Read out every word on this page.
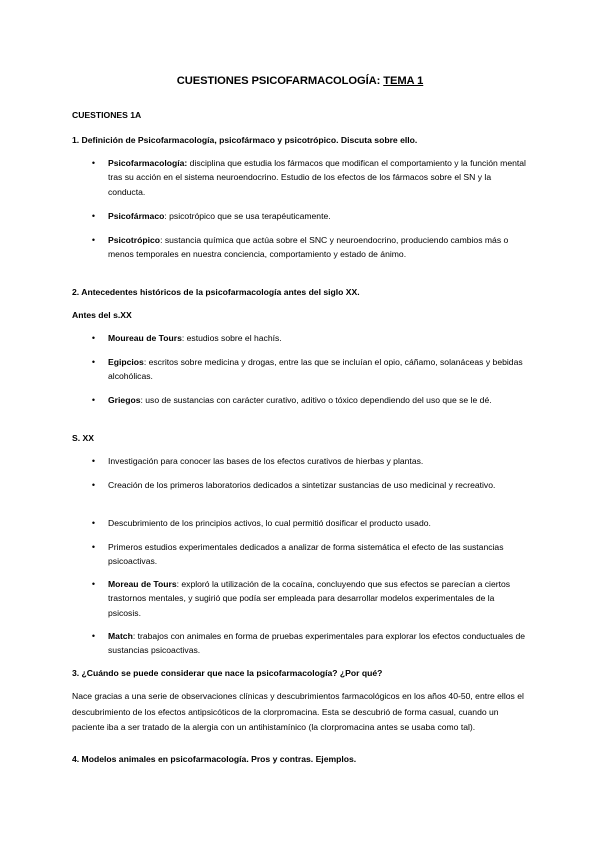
CUESTIONES PSICOFARMACOLOGÍA: TEMA 1
CUESTIONES 1A
1. Definición de Psicofarmacología, psicofármaco y psicotrópico. Discuta sobre ello.
• Psicofarmacología: disciplina que estudia los fármacos que modifican el comportamiento y la función mental tras su acción en el sistema neuroendocrino. Estudio de los efectos de los fármacos sobre el SN y la conducta.
• Psicofármaco: psicotrópico que se usa terapéuticamente.
• Psicotrópico: sustancia química que actúa sobre el SNC y neuroendocrino, produciendo cambios más o menos temporales en nuestra conciencia, comportamiento y estado de ánimo.
2. Antecedentes históricos de la psicofarmacología antes del siglo XX.
Antes del s.XX
• Moureau de Tours: estudios sobre el hachís.
• Egipcios: escritos sobre medicina y drogas, entre las que se incluían el opio, cáñamo, solanáceas y bebidas alcohólicas.
• Griegos: uso de sustancias con carácter curativo, aditivo o tóxico dependiendo del uso que se le dé.
S. XX
• Investigación para conocer las bases de los efectos curativos de hierbas y plantas.
• Creación de los primeros laboratorios dedicados a sintetizar sustancias de uso medicinal y recreativo.
• Descubrimiento de los principios activos, lo cual permitió dosificar el producto usado.
• Primeros estudios experimentales dedicados a analizar de forma sistemática el efecto de las sustancias psicoactivas.
• Moreau de Tours: exploró la utilización de la cocaína, concluyendo que sus efectos se parecían a ciertos trastornos mentales, y sugirió que podía ser empleada para desarrollar modelos experimentales de la psicosis.
• Match: trabajos con animales en forma de pruebas experimentales para explorar los efectos conductuales de sustancias psicoactivas.
3. ¿Cuándo se puede considerar que nace la psicofarmacología? ¿Por qué?
Nace gracias a una serie de observaciones clínicas y descubrimientos farmacológicos en los años 40-50, entre ellos el descubrimiento de los efectos antipsicóticos de la clorpromacina. Esta se descubrió de forma casual, cuando un paciente iba a ser tratado de la alergia con un antihistamínico (la clorpromacina antes se usaba como tal).
4. Modelos animales en psicofarmacología. Pros y contras. Ejemplos.
